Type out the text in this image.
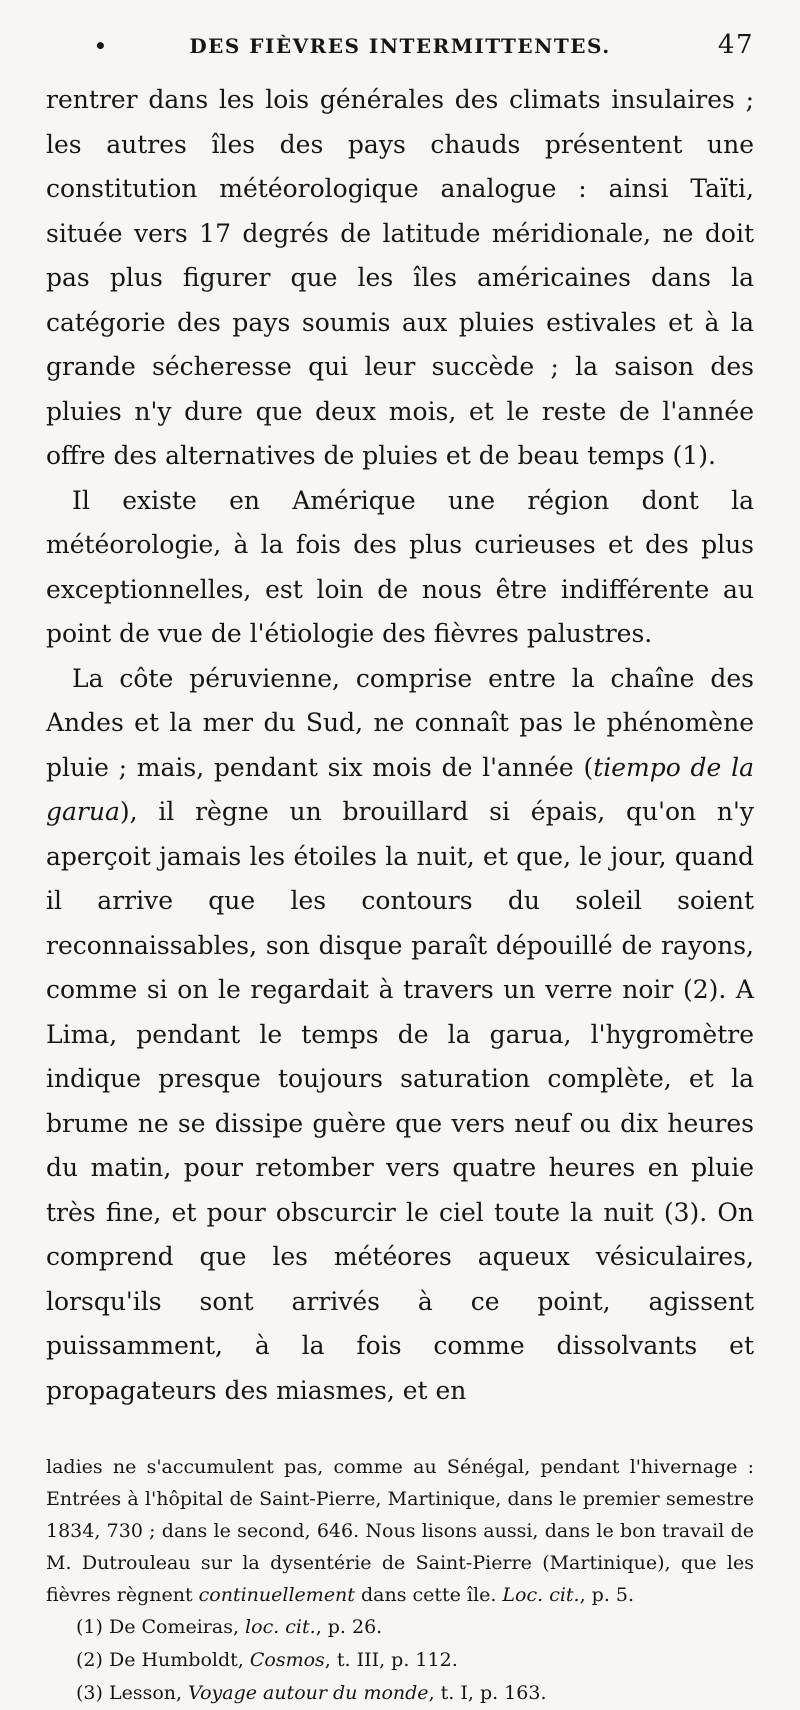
•	DES FIÈVRES INTERMITTENTES.	47

rentrer dans les lois générales des climats insulaires ; les autres îles des pays chauds présentent une constitution météorologique analogue : ainsi Taïti, située vers 17 degrés de latitude méridionale, ne doit pas plus figurer que les îles américaines dans la catégorie des pays soumis aux pluies estivales et à la grande sécheresse qui leur succède ; la saison des pluies n'y dure que deux mois, et le reste de l'année offre des alternatives de pluies et de beau temps (1).

Il existe en Amérique une région dont la météorologie, à la fois des plus curieuses et des plus exceptionnelles, est loin de nous être indifférente au point de vue de l'étiologie des fièvres palustres.

La côte péruvienne, comprise entre la chaîne des Andes et la mer du Sud, ne connaît pas le phénomène pluie ; mais, pendant six mois de l'année (tiempo de la garua), il règne un brouillard si épais, qu'on n'y aperçoit jamais les étoiles la nuit, et que, le jour, quand il arrive que les contours du soleil soient reconnaissables, son disque paraît dépouillé de rayons, comme si on le regardait à travers un verre noir (2). A Lima, pendant le temps de la garua, l'hygromètre indique presque toujours saturation complète, et la brume ne se dissipe guère que vers neuf ou dix heures du matin, pour retomber vers quatre heures en pluie très fine, et pour obscurcir le ciel toute la nuit (3). On comprend que les météores aqueux vésiculaires, lorsqu'ils sont arrivés à ce point, agissent puissamment, à la fois comme dissolvants et propagateurs des miasmes, et en

ladies ne s'accumulent pas, comme au Sénégal, pendant l'hivernage : Entrées à l'hôpital de Saint-Pierre, Martinique, dans le premier semestre 1834, 730 ; dans le second, 646. Nous lisons aussi, dans le bon travail de M. Dutrouleau sur la dysentérie de Saint-Pierre (Martinique), que les fièvres règnent continuellement dans cette île. Loc. cit., p. 5.

(1) De Comeiras, loc. cit., p. 26.

(2) De Humboldt, Cosmos, t. III, p. 112.

(3) Lesson, Voyage autour du monde, t. I, p. 163.
